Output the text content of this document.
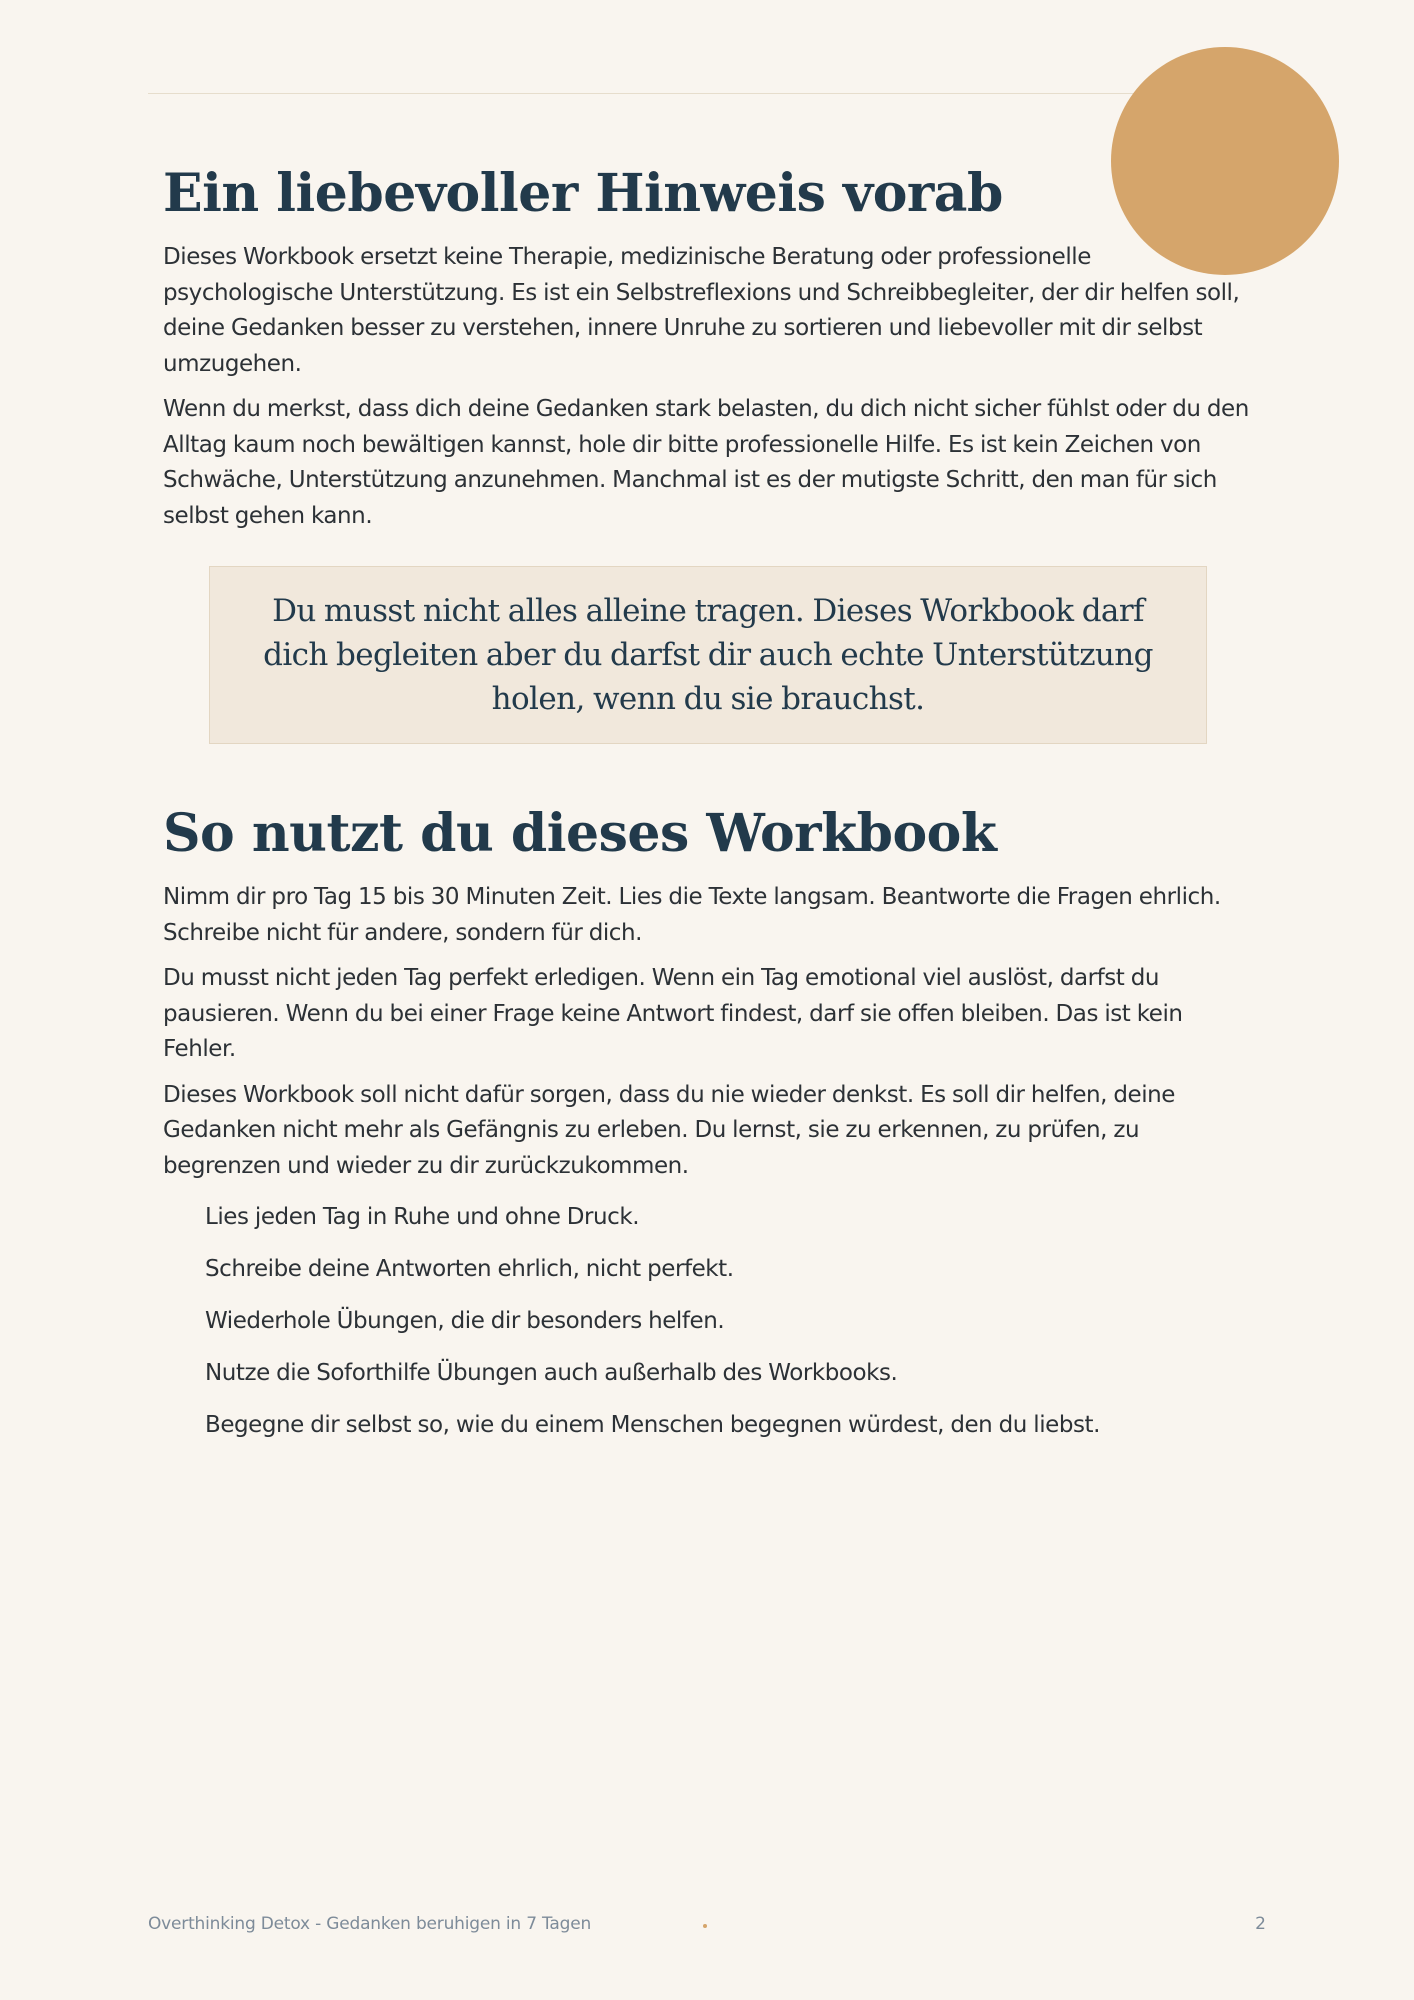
Ein liebevoller Hinweis vorab

Dieses Workbook ersetzt keine Therapie, medizinische Beratung oder professionelle psychologische Unterstützung. Es ist ein Selbstreflexions und Schreibbegleiter, der dir helfen soll, deine Gedanken besser zu verstehen, innere Unruhe zu sortieren und liebevoller mit dir selbst umzugehen.

Wenn du merkst, dass dich deine Gedanken stark belasten, du dich nicht sicher fühlst oder du den Alltag kaum noch bewältigen kannst, hole dir bitte professionelle Hilfe. Es ist kein Zeichen von Schwäche, Unterstützung anzunehmen. Manchmal ist es der mutigste Schritt, den man für sich selbst gehen kann.

Du musst nicht alles alleine tragen. Dieses Workbook darf dich begleiten aber du darfst dir auch echte Unterstützung holen, wenn du sie brauchst.
So nutzt du dieses Workbook

Nimm dir pro Tag 15 bis 30 Minuten Zeit. Lies die Texte langsam. Beantworte die Fragen ehrlich. Schreibe nicht für andere, sondern für dich.

Du musst nicht jeden Tag perfekt erledigen. Wenn ein Tag emotional viel auslöst, darfst du pausieren. Wenn du bei einer Frage keine Antwort findest, darf sie offen bleiben. Das ist kein Fehler.

Dieses Workbook soll nicht dafür sorgen, dass du nie wieder denkst. Es soll dir helfen, deine Gedanken nicht mehr als Gefängnis zu erleben. Du lernst, sie zu erkennen, zu prüfen, zu begrenzen und wieder zu dir zurückzukommen.

Lies jeden Tag in Ruhe und ohne Druck.
Schreibe deine Antworten ehrlich, nicht perfekt.
Wiederhole Übungen, die dir besonders helfen.
Nutze die Soforthilfe Übungen auch außerhalb des Workbooks.
Begegne dir selbst so, wie du einem Menschen begegnen würdest, den du liebst.
Overthinking Detox - Gedanken beruhigen in 7 Tagen	2
